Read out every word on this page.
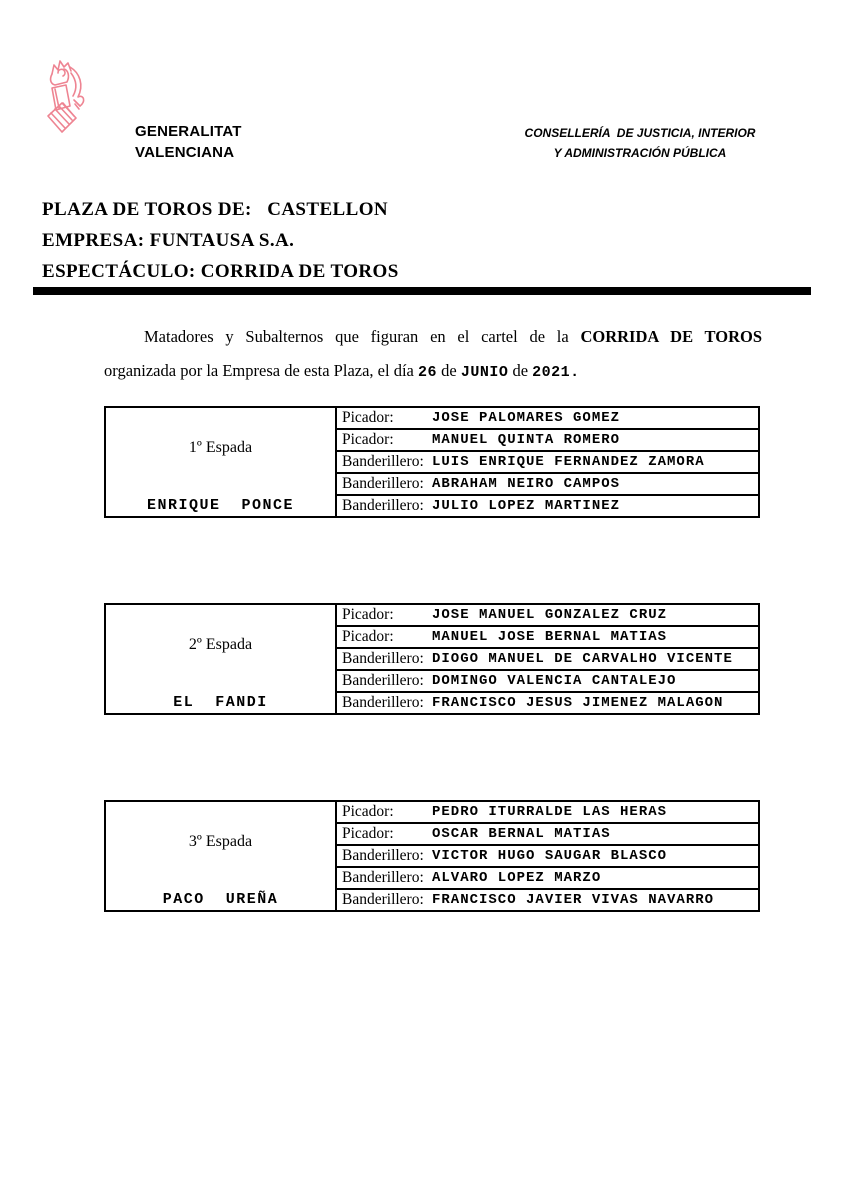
GENERALITAT
VALENCIANA
CONSELLERÍA  DE JUSTICIA, INTERIOR
Y ADMINISTRACIÓN PÚBLICA
PLAZA DE TOROS DE:   CASTELLON
EMPRESA: FUNTAUSA S.A.
ESPECTÁCULO: CORRIDA DE TOROS
Matadores y Subalternos que figuran en el cartel de la CORRIDA DE TOROS
organizada por la Empresa de esta Plaza, el día 26 de JUNIO de 2021.
1º Espada
ENRIQUE  PONCE
Picador:	JOSE PALOMARES GOMEZ
Picador:	MANUEL QUINTA ROMERO
Banderillero: LUIS ENRIQUE FERNANDEZ ZAMORA
Banderillero: ABRAHAM NEIRO CAMPOS
Banderillero: JULIO LOPEZ MARTINEZ
2º Espada
EL  FANDI
Picador:	JOSE MANUEL GONZALEZ CRUZ
Picador:	MANUEL JOSE BERNAL MATIAS
Banderillero: DIOGO MANUEL DE CARVALHO VICENTE
Banderillero: DOMINGO VALENCIA CANTALEJO
Banderillero: FRANCISCO JESUS JIMENEZ MALAGON
3º Espada
PACO  UREÑA
Picador:	PEDRO ITURRALDE LAS HERAS
Picador:	OSCAR BERNAL MATIAS
Banderillero: VICTOR HUGO SAUGAR BLASCO
Banderillero: ALVARO LOPEZ MARZO
Banderillero: FRANCISCO JAVIER VIVAS NAVARRO
